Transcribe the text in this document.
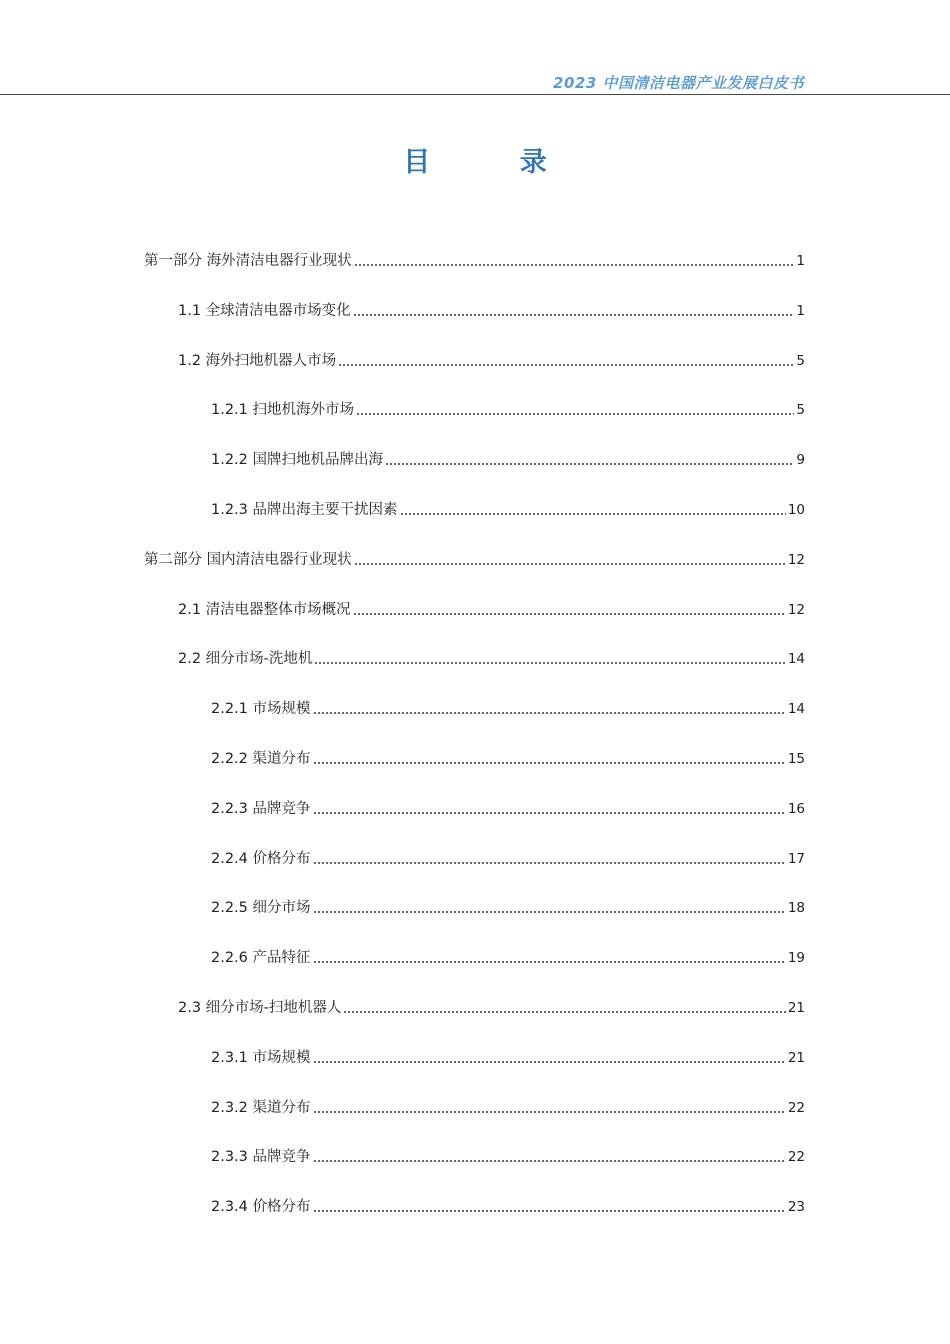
2023 中国清洁电器产业发展白皮书
目 录
第一部分 海外清洁电器行业现状	1
1.1 全球清洁电器市场变化	1
1.2 海外扫地机器人市场	5
1.2.1 扫地机海外市场	5
1.2.2 国牌扫地机品牌出海	9
1.2.3 品牌出海主要干扰因素	10
第二部分 国内清洁电器行业现状	12
2.1 清洁电器整体市场概况	12
2.2 细分市场-洗地机	14
2.2.1 市场规模	14
2.2.2 渠道分布	15
2.2.3 品牌竞争	16
2.2.4 价格分布	17
2.2.5 细分市场	18
2.2.6 产品特征	19
2.3 细分市场-扫地机器人	21
2.3.1 市场规模	21
2.3.2 渠道分布	22
2.3.3 品牌竞争	22
2.3.4 价格分布	23
